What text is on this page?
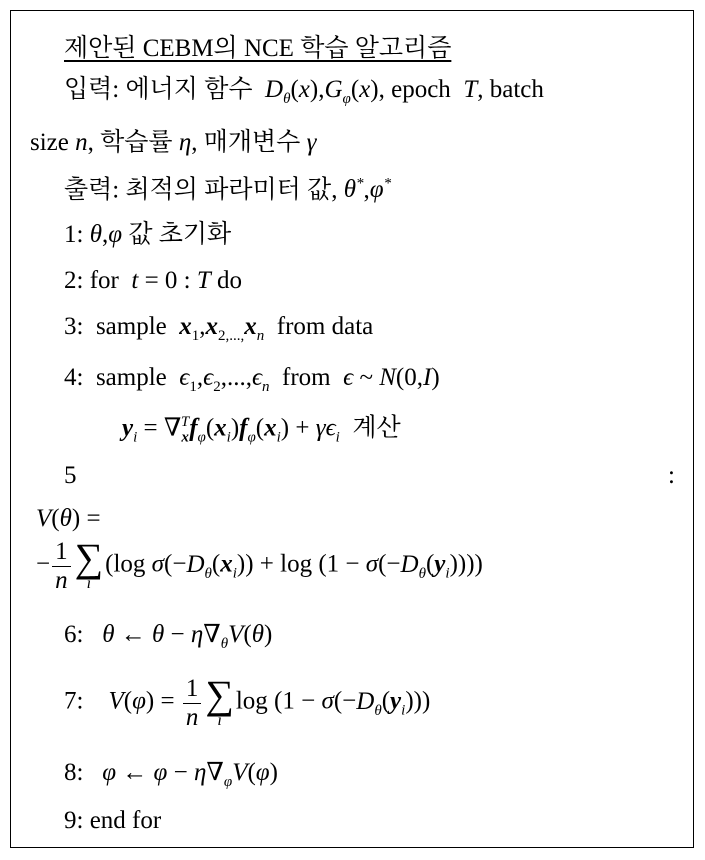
제안된 CEBM의 NCE 학습 알고리즘
입력: 에너지 함수  $D_\theta(x),G_\varphi(x)$, epoch  T, batch
size n, 학습률 η, 매개변수 γ
출력: 최적의 파라미터 값, θ*,φ*
1: θ,φ 값 초기화
2: for  t = 0 : T do
3: sample $x_1,x_{2,...,}x_n$ from data
4: sample $\epsilon_1,\epsilon_2,...,\epsilon_n$ from ϵ ~ N(0,I)
$y_i = \nabla_x^Tf_\varphi(x_i)f_\varphi(x_i) + \gamma\epsilon_i$ 계산
5	:
V(θ) =
− $\frac{1}{n}$ ∑
i
(log $\sigma(-D_\theta(x_i)) + \log (1 - \sigma(-D_\theta(y_i)))$)
6: θ ← $\theta - \eta\nabla_\theta V(\theta)$
7: $V(\varphi) = \frac{1}{n}$ ∑
i
$\log (1 - \sigma(-D_\theta(y_i)))$
8: φ ← $\varphi - \eta\nabla_\varphi V(\varphi)$
9: end for
